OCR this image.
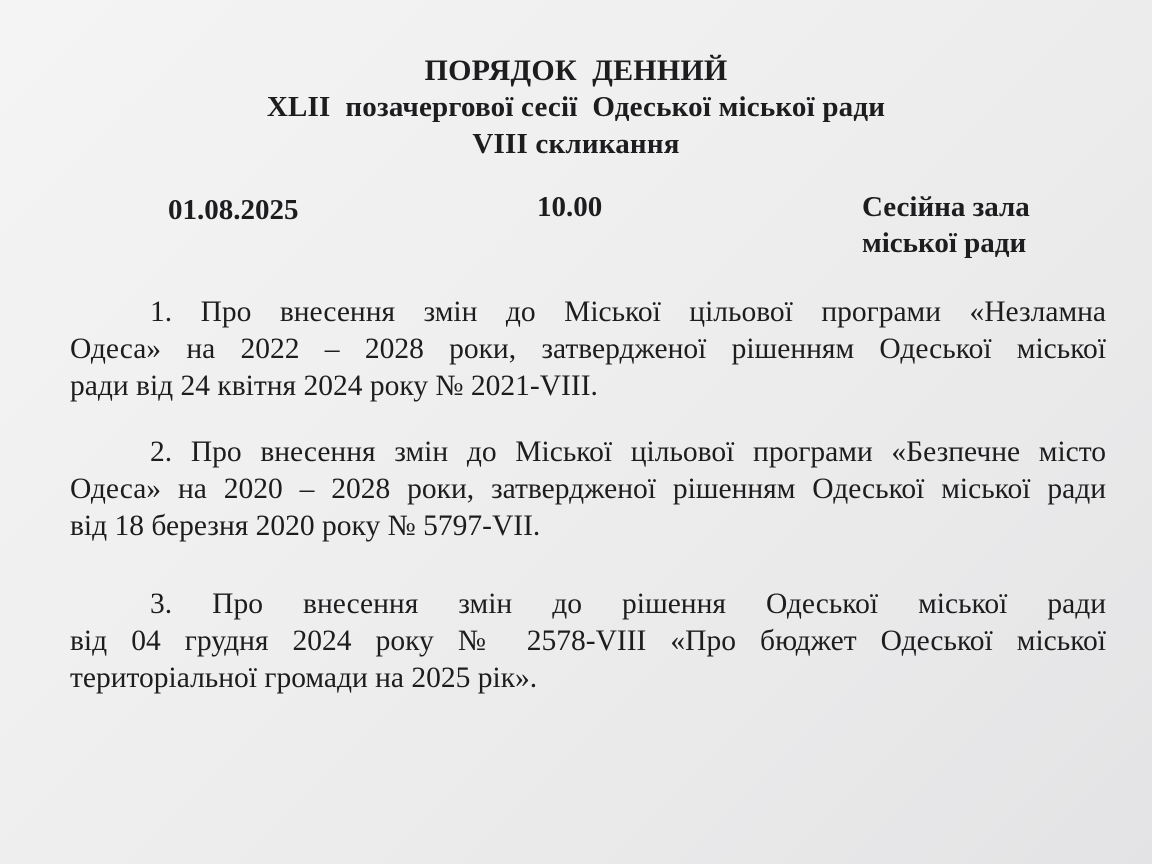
ПОРЯДОК  ДЕННИЙ
XLII  позачергової сесії  Одеської міської ради
VIII скликання
01.08.2025	10.00	Сесійна зала
міської ради
1. Про внесення змін до Міської цільової програми «Незламна
Одеса» на 2022 – 2028 роки, затвердженої рішенням Одеської міської
ради від 24 квітня 2024 року № 2021-VIII.
2. Про внесення змін до Міської цільової програми «Безпечне місто
Одеса» на 2020 – 2028 роки, затвердженої рішенням Одеської міської ради
від 18 березня 2020 року № 5797-VII.
3. Про внесення змін до рішення Одеської міської ради
від 04 грудня 2024 року № 2578-VIII «Про бюджет Одеської міської
територіальної громади на 2025 рік».
